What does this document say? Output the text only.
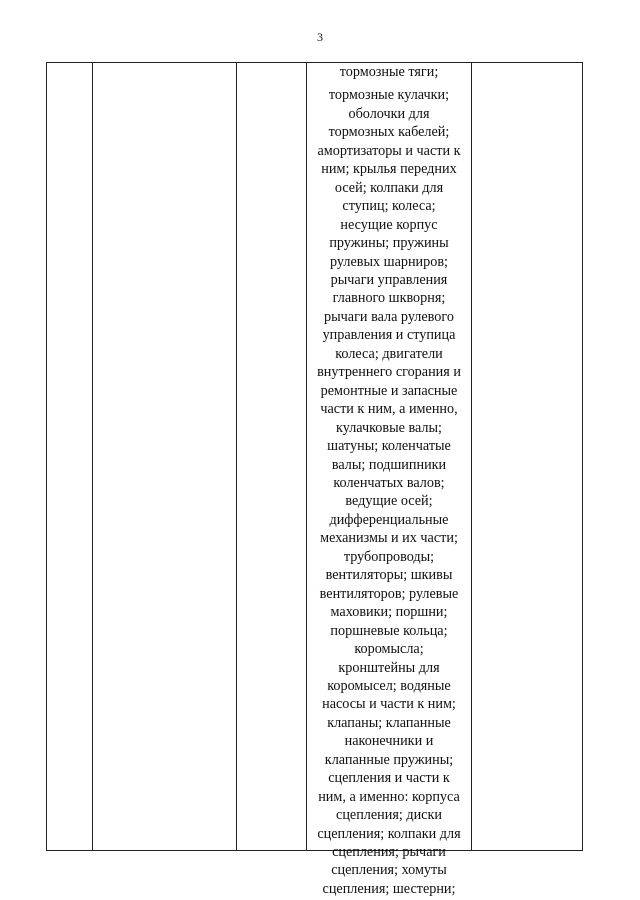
3
тормозные тяги;
тормозные кулачки;
оболочки для
тормозных кабелей;
амортизаторы и части к
ним; крылья передних
осей; колпаки для
ступиц; колеса;
несущие корпус
пружины; пружины
рулевых шарниров;
рычаги управления
главного шкворня;
рычаги вала рулевого
управления и ступица
колеса; двигатели
внутреннего сгорания и
ремонтные и запасные
части к ним, а именно,
кулачковые валы;
шатуны; коленчатые
валы; подшипники
коленчатых валов;
ведущие осей;
дифференциальные
механизмы и их части;
трубопроводы;
вентиляторы; шкивы
вентиляторов; рулевые
маховики; поршни;
поршневые кольца;
коромысла;
кронштейны для
коромысел; водяные
насосы и части к ним;
клапаны; клапанные
наконечники и
клапанные пружины;
сцепления и части к
ним, а именно: корпуса
сцепления; диски
сцепления; колпаки для
сцепления; рычаги
сцепления; хомуты
сцепления; шестерни;
